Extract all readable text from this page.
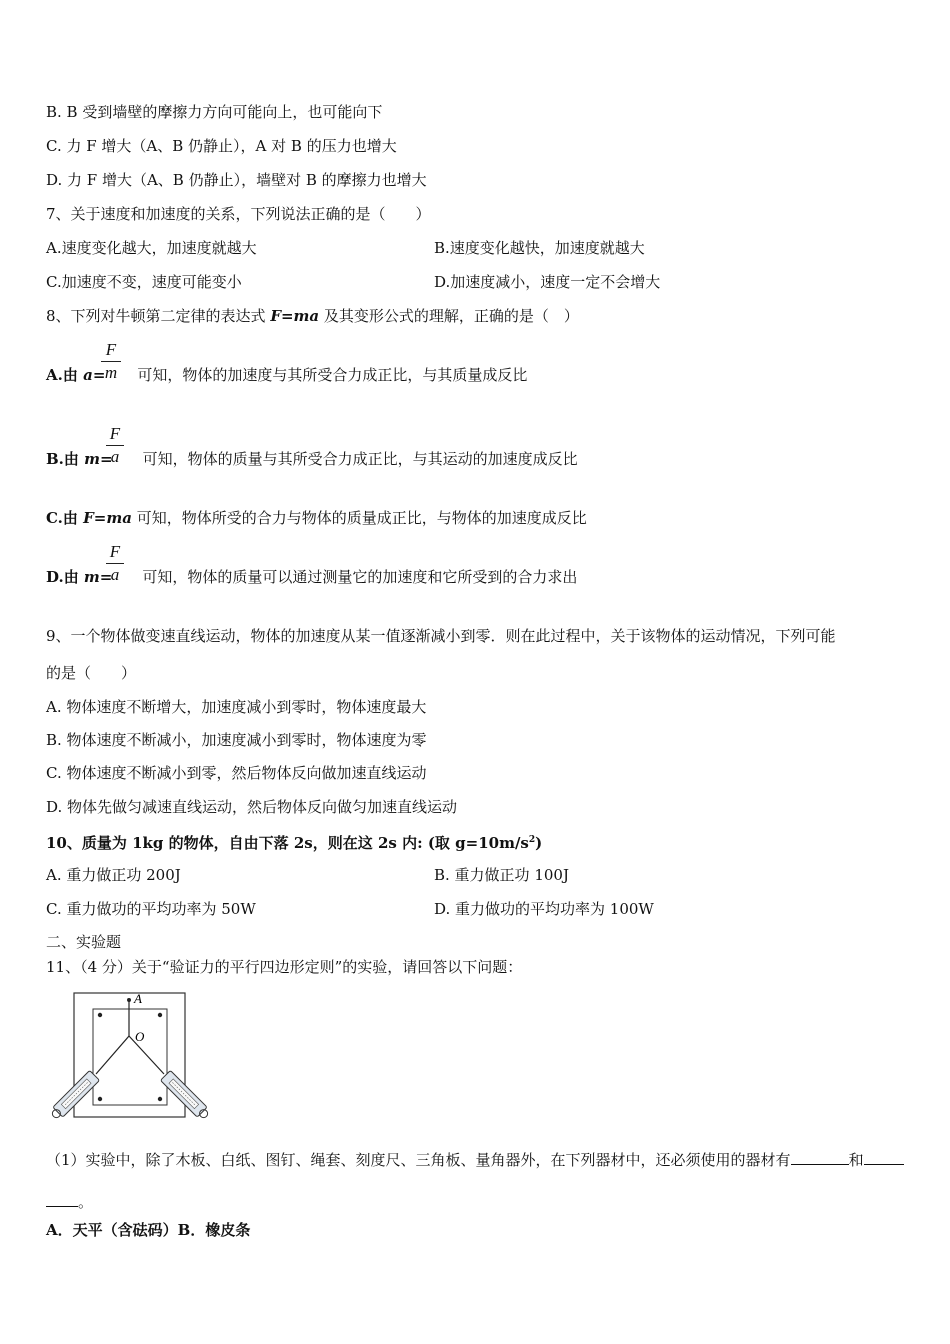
B. B 受到墙壁的摩擦力方向可能向上，也可能向下
C. 力 F 增大（A、B 仍静止），A 对 B 的压力也增大
D. 力 F 增大（A、B 仍静止），墙壁对 B 的摩擦力也增大
7、关于速度和加速度的关系，下列说法正确的是（　　）
A.速度变化越大，加速度就越大	B.速度变化越快，加速度就越大
C.加速度不变，速度可能变小	D.加速度减小，速度一定不会增大
8、下列对牛顿第二定律的表达式 F=ma 及其变形公式的理解，正确的是（　）
A.由 a= 可知，物体的加速度与其所受合力成正比，与其质量成反比
F
m
B.由 m= 可知，物体的质量与其所受合力成正比，与其运动的加速度成反比
F
a
C.由 F=ma 可知，物体所受的合力与物体的质量成正比，与物体的加速度成反比
D.由 m= 可知，物体的质量可以通过测量它的加速度和它所受到的合力求出
F
a
9、一个物体做变速直线运动，物体的加速度从某一值逐渐减小到零．则在此过程中，关于该物体的运动情况，下列可能
的是（　　）
A. 物体速度不断增大，加速度减小到零时，物体速度最大
B. 物体速度不断减小，加速度减小到零时，物体速度为零
C. 物体速度不断减小到零，然后物体反向做加速直线运动
D. 物体先做匀减速直线运动，然后物体反向做匀加速直线运动
10、质量为 1kg 的物体，自由下落 2s，则在这 2s 内: (取 $g=10m/s^2$)
A. 重力做正功 200J	B. 重力做正功 100J
C. 重力做功的平均功率为 50W	D. 重力做功的平均功率为 100W
二、实验题
11、（4 分）关于“验证力的平行四边形定则”的实验，请回答以下问题：
A
O
（1）实验中，除了木板、白纸、图钉、绳套、刻度尺、三角板、量角器外，在下列器材中，还必须使用的器材有	和
。
A．天平（含砝码）B．橡皮条
